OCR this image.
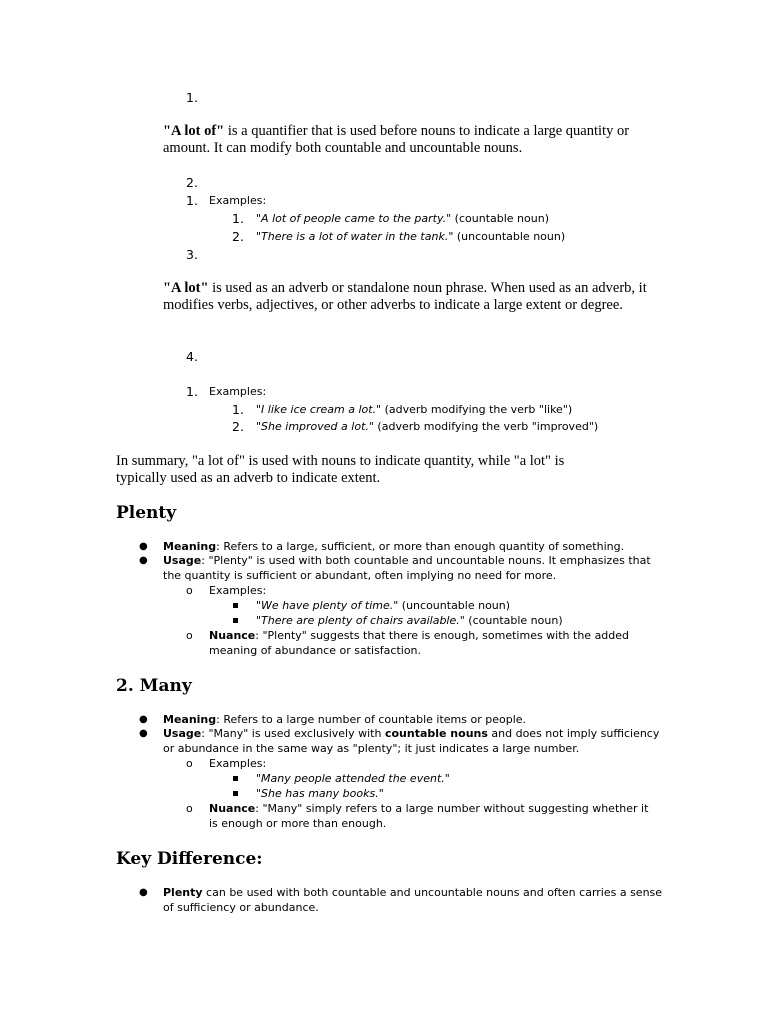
1.
"A lot of" is a quantifier that is used before nouns to indicate a large quantity or amount. It can modify both countable and uncountable nouns.
2.
1. Examples:
1. "A lot of people came to the party." (countable noun)
2. "There is a lot of water in the tank." (uncountable noun)
3.
"A lot" is used as an adverb or standalone noun phrase. When used as an adverb, it modifies verbs, adjectives, or other adverbs to indicate a large extent or degree.
4.
1. Examples:
1. "I like ice cream a lot." (adverb modifying the verb "like")
2. "She improved a lot." (adverb modifying the verb "improved")
In summary, "a lot of" is used with nouns to indicate quantity, while "a lot" is typically used as an adverb to indicate extent.
Plenty
● Meaning: Refers to a large, sufficient, or more than enough quantity of something.
● Usage: "Plenty" is used with both countable and uncountable nouns. It emphasizes that the quantity is sufficient or abundant, often implying no need for more.
o Examples:
"We have plenty of time." (uncountable noun)
"There are plenty of chairs available." (countable noun)
o Nuance: "Plenty" suggests that there is enough, sometimes with the added meaning of abundance or satisfaction.
2. Many
● Meaning: Refers to a large number of countable items or people.
● Usage: "Many" is used exclusively with countable nouns and does not imply sufficiency or abundance in the same way as "plenty"; it just indicates a large number.
o Examples:
"Many people attended the event."
"She has many books."
o Nuance: "Many" simply refers to a large number without suggesting whether it is enough or more than enough.
Key Difference:
● Plenty can be used with both countable and uncountable nouns and often carries a sense of sufficiency or abundance.
